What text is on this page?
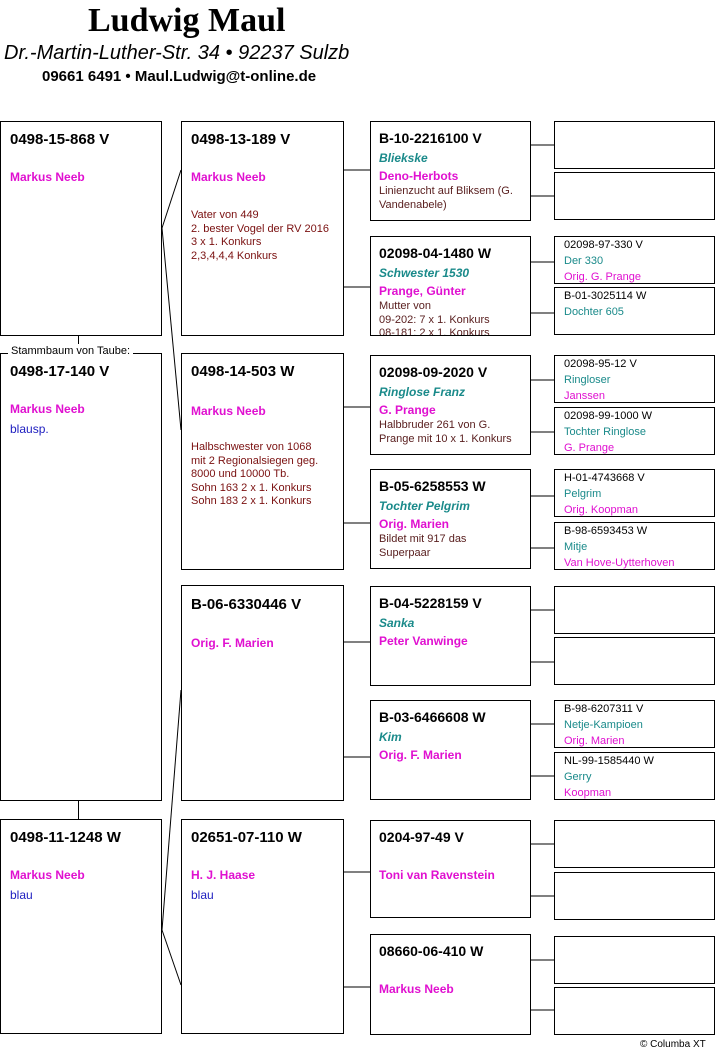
Ludwig Maul
Dr.-Martin-Luther-Str. 34 • 92237 Sulzb
09661 6491 • Maul.Ludwig@t-online.de
0498-15-868 V
Markus Neeb
0498-17-140 V
Markus Neeb
blausp.
Stammbaum von Taube:
0498-11-1248 W
Markus Neeb
blau
0498-13-189 V
Markus Neeb
Vater von 449
2. bester Vogel der RV 2016
3 x 1. Konkurs
2,3,4,4,4 Konkurs
0498-14-503 W
Markus Neeb
Halbschwester von 1068
mit 2 Regionalsiegen geg.
8000 und 10000 Tb.
Sohn 163 2 x 1. Konkurs
Sohn 183 2 x 1. Konkurs
B-06-6330446 V
Orig. F. Marien
02651-07-110 W
H. J. Haase
blau
B-10-2216100 V
Bliekske
Deno-Herbots
Linienzucht auf Bliksem (G.
Vandenabele)
02098-04-1480 W
Schwester 1530
Prange, Günter
Mutter von
09-202: 7 x 1. Konkurs
08-181: 2 x 1. Konkurs
02098-09-2020 V
Ringlose Franz
G. Prange
Halbbruder 261 von G.
Prange mit 10 x 1. Konkurs
B-05-6258553 W
Tochter Pelgrim
Orig. Marien
Bildet mit 917 das
Superpaar
B-04-5228159 V
Sanka
Peter Vanwinge
B-03-6466608 W
Kim
Orig. F. Marien
0204-97-49 V
Toni van Ravenstein
08660-06-410 W
Markus Neeb
02098-97-330 V
Der 330
Orig. G. Prange
B-01-3025114 W
Dochter 605
02098-95-12 V
Ringloser
Janssen
02098-99-1000 W
Tochter Ringlose
G. Prange
H-01-4743668 V
Pelgrim
Orig. Koopman
B-98-6593453 W
Mitje
Van Hove-Uytterhoven
B-98-6207311 V
Netje-Kampioen
Orig. Marien
NL-99-1585440 W
Gerry
Koopman
© Columba XT
